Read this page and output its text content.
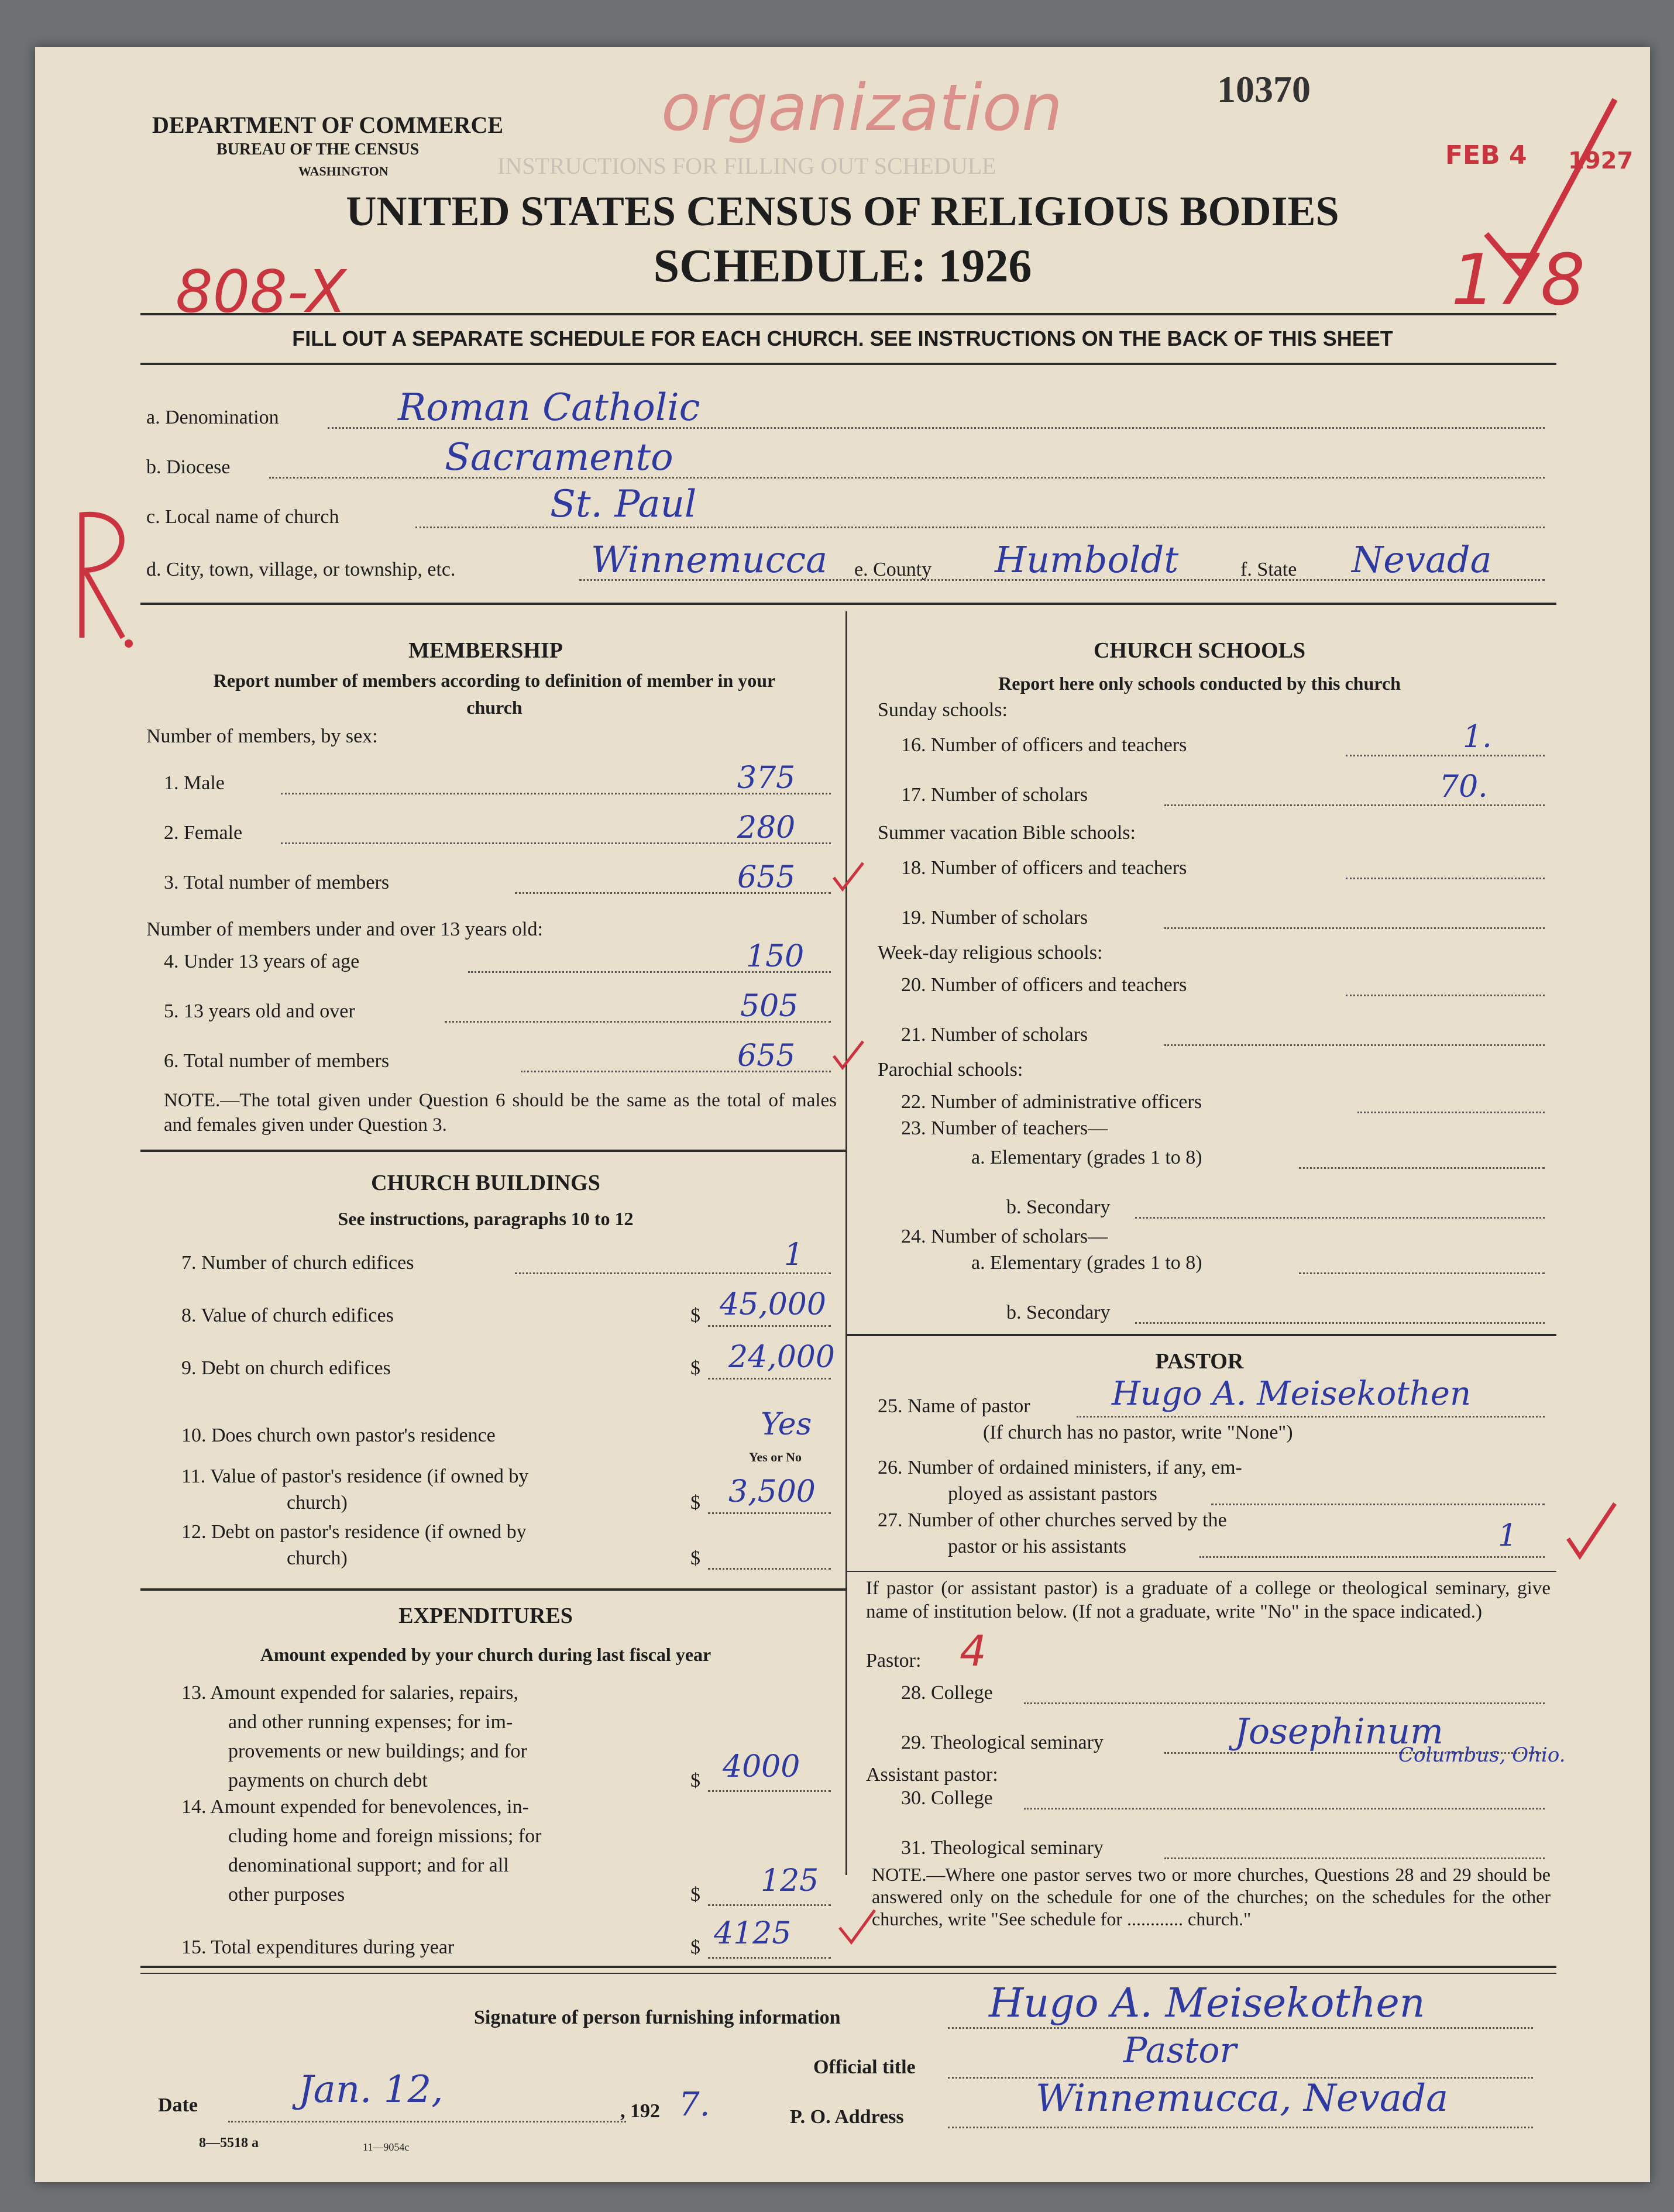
INSTRUCTIONS FOR FILLING OUT SCHEDULE
DEPARTMENT OF COMMERCE
BUREAU OF THE CENSUS
WASHINGTON
10370
organization
FEB 4 1927
UNITED STATES CENSUS OF RELIGIOUS BODIES
SCHEDULE: 1926
808-X	178
FILL OUT A SEPARATE SCHEDULE FOR EACH CHURCH. SEE INSTRUCTIONS ON THE BACK OF THIS SHEET
a. Denomination	Roman Catholic
b. Diocese	Sacramento
c. Local name of church	St. Paul
d. City, town, village, or township, etc.	Winnemucca e. County Humboldt	f. State Nevada
MEMBERSHIP
Report number of members according to definition of member in your church
Number of members, by sex:
1. Male	375
2. Female	280
3. Total number of members	655
Number of members under and over 13 years old:
4. Under 13 years of age	150
5. 13 years old and over	505
6. Total number of members	655
NOTE.—The total given under Question 6 should be the same as the total of males and females given under Question 3.
CHURCH BUILDINGS
See instructions, paragraphs 10 to 12
7. Number of church edifices	1
8. Value of church edifices	$ 45,000
9. Debt on church edifices	$ 24,000
10. Does church own pastor's residence	Yes
Yes or No
11. Value of pastor's residence (if owned by
church)	$ 3,500
12. Debt on pastor's residence (if owned by
church)	$
EXPENDITURES
Amount expended by your church during last fiscal year
13. Amount expended for salaries, repairs,
and other running expenses; for im-
provements or new buildings; and for
payments on church debt	$ 4000
14. Amount expended for benevolences, in-
cluding home and foreign missions; for
denominational support; and for all
other purposes	$ 125
15. Total expenditures during year	$ 4125
CHURCH SCHOOLS
Report here only schools conducted by this church
Sunday schools:
16. Number of officers and teachers	1.
17. Number of scholars	70.
Summer vacation Bible schools:
18. Number of officers and teachers
19. Number of scholars
Week-day religious schools:
20. Number of officers and teachers
21. Number of scholars
Parochial schools:
22. Number of administrative officers
23. Number of teachers—
a. Elementary (grades 1 to 8)
b. Secondary
24. Number of scholars—
a. Elementary (grades 1 to 8)
b. Secondary
PASTOR
25. Name of pastor Hugo A. Meisekothen
(If church has no pastor, write "None")
26. Number of ordained ministers, if any, em-
ployed as assistant pastors
27. Number of other churches served by the
pastor or his assistants	1
If pastor (or assistant pastor) is a graduate of a college or theological seminary, give name of institution below. (If not a graduate, write "No" in the space indicated.)
Pastor: 4
28. College
29. Theological seminary	Josephinum
Columbus, Ohio.
Assistant pastor:
30. College
31. Theological seminary
NOTE.—Where one pastor serves two or more churches, Questions 28 and 29 should be answered only on the schedule for one of the churches; on the schedules for the other churches, write "See schedule for ............ church."
Signature of person furnishing information	Hugo A. Meisekothen
Official title	Pastor
Date	Jan. 12,	, 192 7.
8—5518 a	11—9054c
P. O. Address	Winnemucca, Nevada
